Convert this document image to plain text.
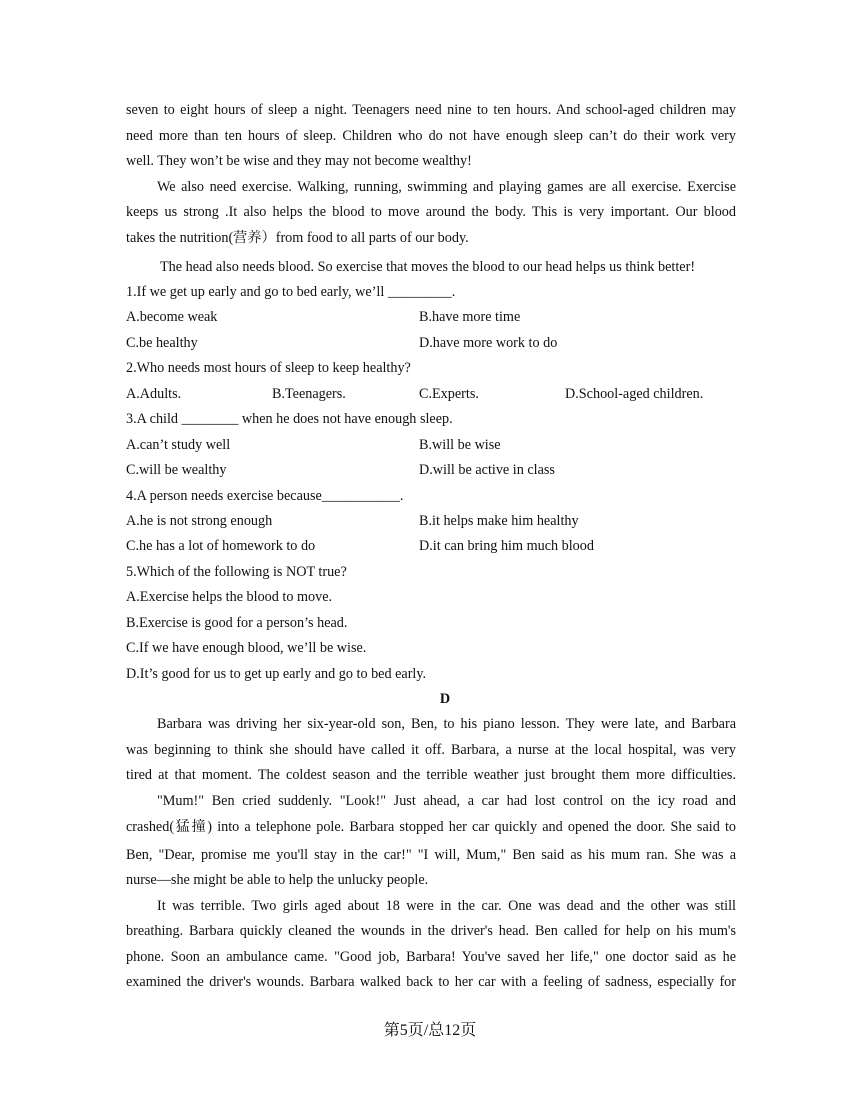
seven to eight hours of sleep a night. Teenagers need nine to ten hours. And school-aged children may
need more than ten hours of sleep. Children who do not have enough sleep can’t do their work very
well. They won’t be wise and they may not become wealthy!
We also need exercise. Walking, running, swimming and playing games are all exercise. Exercise
keeps us strong .It also helps the blood to move around the body. This is very important. Our blood
takes the nutrition(营养）from food to all parts of our body.
The head also needs blood. So exercise that moves the blood to our head helps us think better!
1.If we get up early and go to bed early, we’ll _________.
A.become weak	B.have more time
C.be healthy	D.have more work to do
2.Who needs most hours of sleep to keep healthy?
A.Adults.	B.Teenagers.	C.Experts.	D.School-aged children.
3.A child ________ when he does not have enough sleep.
A.can’t study well	B.will be wise
C.will be wealthy	D.will be active in class
4.A person needs exercise because___________.
A.he is not strong enough	B.it helps make him healthy
C.he has a lot of homework to do	D.it can bring him much blood
5.Which of the following is NOT true?
A.Exercise helps the blood to move.
B.Exercise is good for a person’s head.
C.If we have enough blood, we’ll be wise.
D.It’s good for us to get up early and go to bed early.
D
Barbara was driving her six-year-old son, Ben, to his piano lesson. They were late, and Barbara
was beginning to think she should have called it off. Barbara, a nurse at the local hospital, was very
tired at that moment. The coldest season and the terrible weather just brought them more difficulties.
"Mum!" Ben cried suddenly. "Look!" Just ahead, a car had lost control on the icy road and
crashed(猛撞) into a telephone pole. Barbara stopped her car quickly and opened the door. She said to
Ben, "Dear, promise me you'll stay in the car!" "I will, Mum," Ben said as his mum ran. She was a
nurse—she might be able to help the unlucky people.
It was terrible. Two girls aged about 18 were in the car. One was dead and the other was still
breathing. Barbara quickly cleaned the wounds in the driver's head. Ben called for help on his mum's
phone. Soon an ambulance came. "Good job, Barbara! You've saved her life," one doctor said as he
examined the driver's wounds. Barbara walked back to her car with a feeling of sadness, especially for
第5页/总12页
